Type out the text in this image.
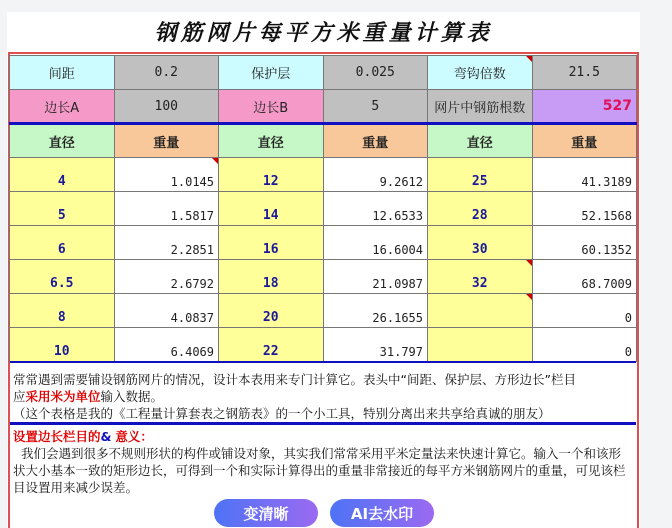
钢筋网片每平方米重量计算表
间距	0.2	保护层	0.025	弯钩倍数	21.5
边长A	100	边长B	5	网片中钢筋根数	527
直径	重量	直径	重量	直径	重量
4	1.0145	12	9.2612	25	41.3189
5	1.5817	14	12.6533	28	52.1568
6	2.2851	16	16.6004	30	60.1352
6.5	2.6792	18	21.0987	32	68.7009
8	4.0837	20	26.1655		0
10	6.4069	22	31.797		0
常常遇到需要铺设钢筋网片的情况，设计本表用来专门计算它。表头中“间距、保护层、方形边长”栏目
应采用米为单位输入数据。
（这个表格是我的《工程量计算套表之钢筋表》的一个小工具，特别分离出来共享给真诚的朋友）
设置边长栏目的& 意义：
我们会遇到很多不规则形状的构件或铺设对象，其实我们常常采用平米定量法来快速计算它。输入一个和该形状大小基本一致的矩形边长，可得到一个和实际计算得出的重量非常接近的每平方米钢筋网片的重量，可见该栏目设置用来减少误差。
变清晰	AI去水印
